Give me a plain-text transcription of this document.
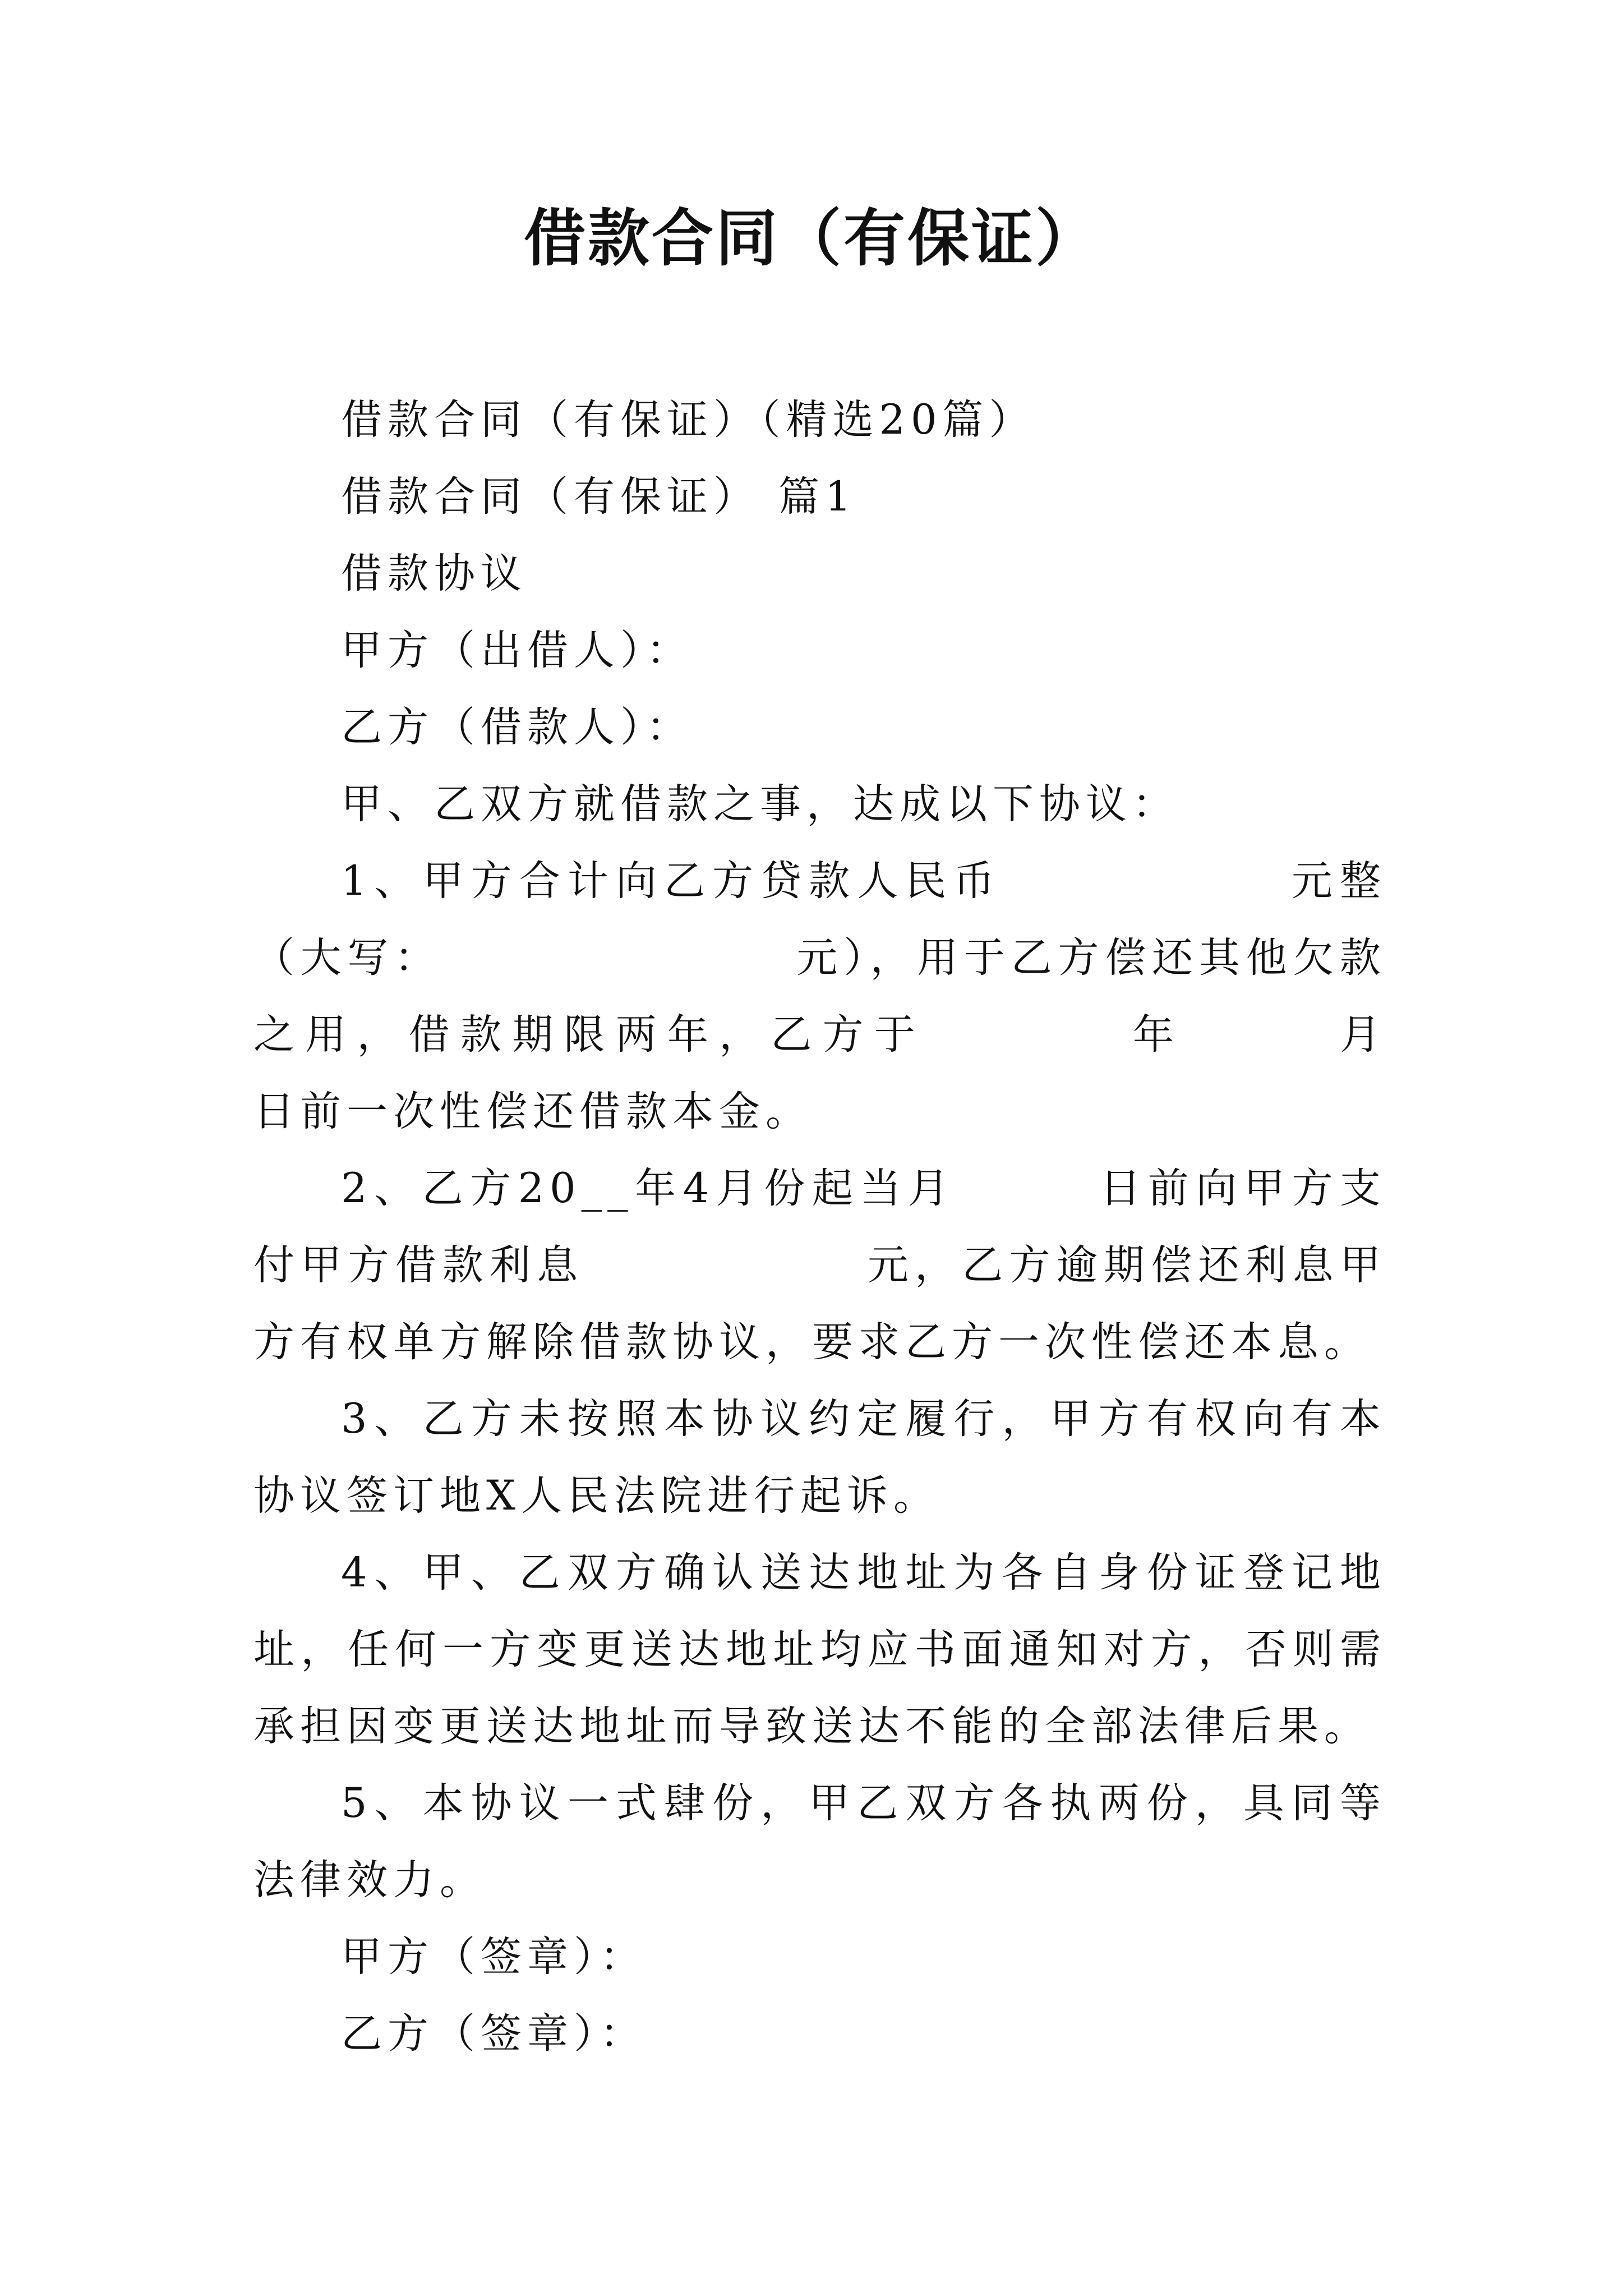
借款合同（有保证）

借款合同（有保证）（精选20篇）

借款合同（有保证） 篇1

借款协议

甲方（出借人）：

乙方（借款人）：

甲、乙双方就借款之事，达成以下协议：

1、甲方合计向乙方贷款人民币　　　　　　元整（大写：　　　　　　　　元），用于乙方偿还其他欠款之用，借款期限两年，乙方于　　　　年　　　月　　　　日前一次性偿还借款本金。

2、乙方20__年4月份起当月　　　日前向甲方支付甲方借款利息　　　　　　元，乙方逾期偿还利息甲方有权单方解除借款协议，要求乙方一次性偿还本息。

3、乙方未按照本协议约定履行，甲方有权向有本协议签订地X人民法院进行起诉。

4、甲、乙双方确认送达地址为各自身份证登记地址，任何一方变更送达地址均应书面通知对方，否则需承担因变更送达地址而导致送达不能的全部法律后果。

5、本协议一式肆份，甲乙双方各执两份，具同等法律效力。

甲方（签章）：

乙方（签章）：
